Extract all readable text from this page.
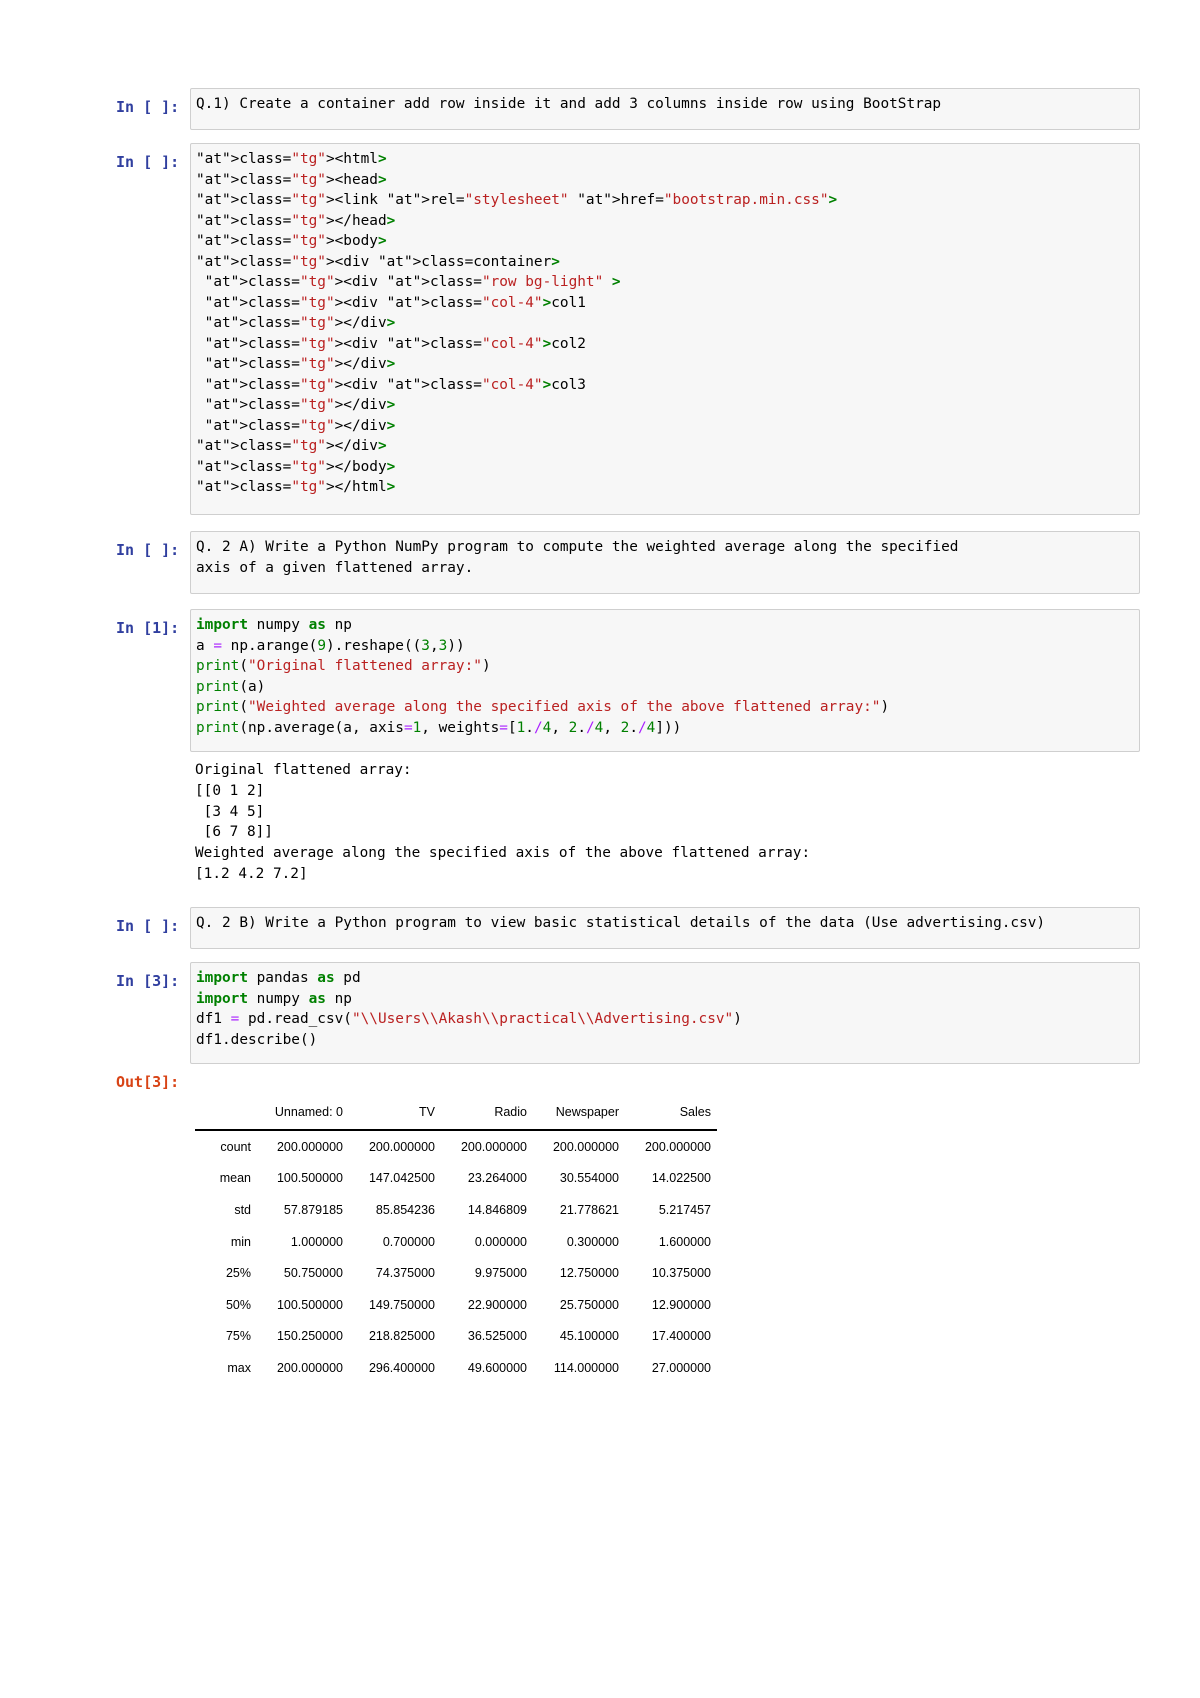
In [ ]:	Q.1) Create a container add row inside it and add 3 columns inside row using BootStrap
In [ ]:	"at">class="tg"><html>
"at">class="tg"><head>
"at">class="tg"><link "at">rel="stylesheet" "at">href="bootstrap.min.css">
"at">class="tg"></head>
"at">class="tg"><body>
"at">class="tg"><div "at">class=container>
"at">class="tg"><div "at">class="row bg-light" >
"at">class="tg"><div "at">class="col-4">col1
"at">class="tg"></div>
"at">class="tg"><div "at">class="col-4">col2
"at">class="tg"></div>
"at">class="tg"><div "at">class="col-4">col3
"at">class="tg"></div>
"at">class="tg"></div>
"at">class="tg"></div>
"at">class="tg"></body>
"at">class="tg"></html>
In [ ]:	Q. 2 A) Write a Python NumPy program to compute the weighted average along the specified
axis of a given flattened array.
In [1]:	import numpy as np
a = np.arange(9).reshape((3,3))
print("Original flattened array:")
print(a)
print("Weighted average along the specified axis of the above flattened array:")
print(np.average(a, axis=1, weights=[1./4, 2./4, 2./4]))
Original flattened array:
[[0 1 2]
[3 4 5]
[6 7 8]]
Weighted average along the specified axis of the above flattened array:
[1.2 4.2 7.2]
In [ ]:	Q. 2 B) Write a Python program to view basic statistical details of the data (Use advertising.csv)
In [3]:	import pandas as pd
import numpy as np
df1 = pd.read_csv("\\Users\\Akash\\practical\\Advertising.csv")
df1.describe()
Out[3]:
	Unnamed: 0	TV	Radio	Newspaper	Sales
count	200.000000	200.000000	200.000000	200.000000	200.000000
mean	100.500000	147.042500	23.264000	30.554000	14.022500
std	57.879185	85.854236	14.846809	21.778621	5.217457
min	1.000000	0.700000	0.000000	0.300000	1.600000
25%	50.750000	74.375000	9.975000	12.750000	10.375000
50%	100.500000	149.750000	22.900000	25.750000	12.900000
75%	150.250000	218.825000	36.525000	45.100000	17.400000
max	200.000000	296.400000	49.600000	114.000000	27.000000
